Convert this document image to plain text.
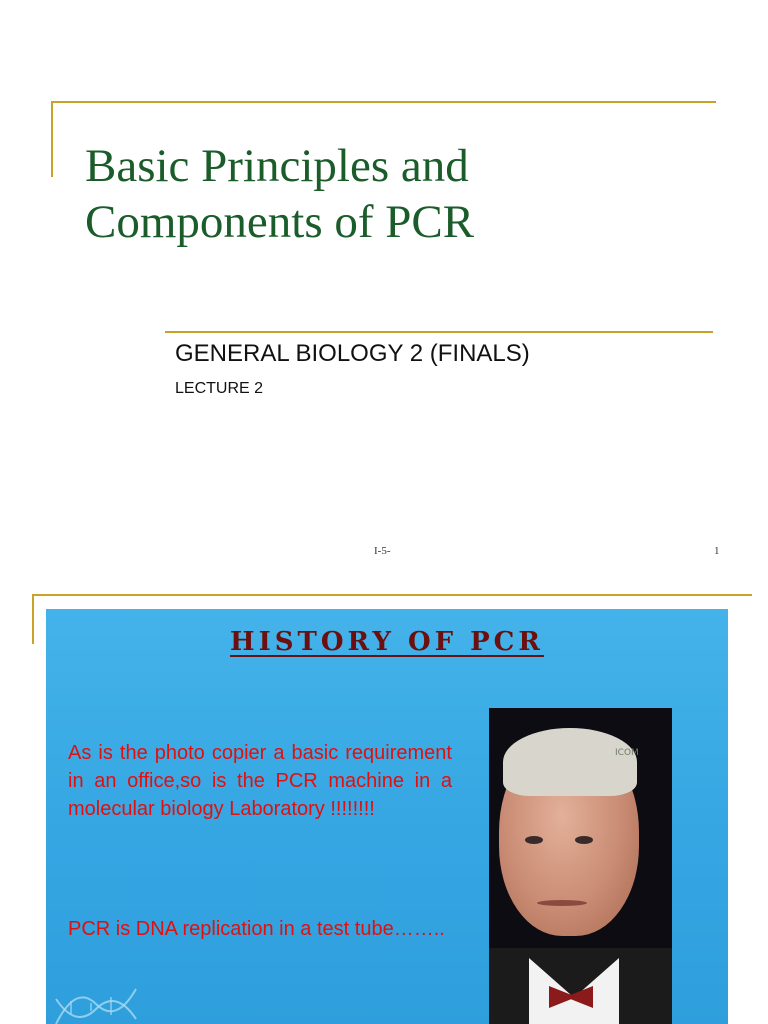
Basic Principles and
Components of PCR
GENERAL BIOLOGY 2 (FINALS)
LECTURE 2
I-5-	1
HISTORY OF PCR
As is the photo copier a basic requirement in an office,so is the PCR machine in a molecular biology Laboratory !!!!!!!!
PCR is DNA replication in a test tube……..
ICOM
